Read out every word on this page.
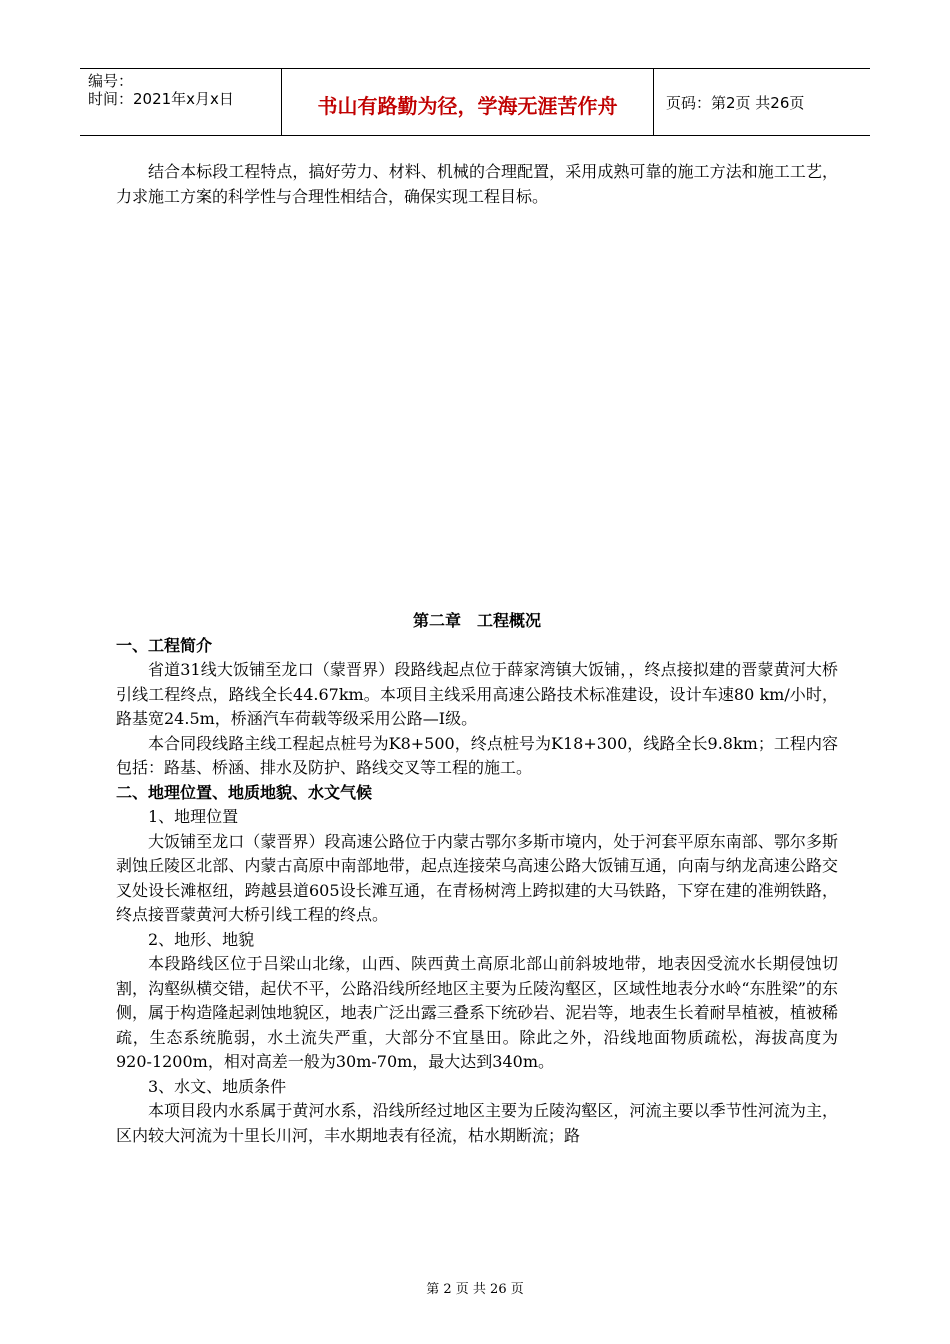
编号：
时间：2021年x月x日	书山有路勤为径，学海无涯苦作舟	页码：第2页 共26页

结合本标段工程特点，搞好劳力、材料、机械的合理配置，采用成熟可靠的施工方法和施工工艺，力求施工方案的科学性与合理性相结合，确保实现工程目标。

第二章　工程概况
一、工程简介

省道31线大饭铺至龙口（蒙晋界）段路线起点位于薛家湾镇大饭铺，，终点接拟建的晋蒙黄河大桥引线工程终点，路线全长44.67km。本项目主线采用高速公路技术标准建设，设计车速80 km/小时，路基宽24.5m，桥涵汽车荷载等级采用公路—Ⅰ级。

本合同段线路主线工程起点桩号为K8+500，终点桩号为K18+300，线路全长9.8km；工程内容包括：路基、桥涵、排水及防护、路线交叉等工程的施工。

二、地理位置、地质地貌、水文气候

1、地理位置

大饭铺至龙口（蒙晋界）段高速公路位于内蒙古鄂尔多斯市境内，处于河套平原东南部、鄂尔多斯剥蚀丘陵区北部、内蒙古高原中南部地带，起点连接荣乌高速公路大饭铺互通，向南与纳龙高速公路交叉处设长滩枢纽，跨越县道605设长滩互通，在青杨树湾上跨拟建的大马铁路，下穿在建的准朔铁路，终点接晋蒙黄河大桥引线工程的终点。

2、地形、地貌

本段路线区位于吕梁山北缘，山西、陕西黄土高原北部山前斜坡地带，地表因受流水长期侵蚀切割，沟壑纵横交错，起伏不平，公路沿线所经地区主要为丘陵沟壑区，区域性地表分水岭“东胜梁”的东侧，属于构造隆起剥蚀地貌区，地表广泛出露三叠系下统砂岩、泥岩等，地表生长着耐旱植被，植被稀疏，生态系统脆弱，水土流失严重，大部分不宜垦田。除此之外，沿线地面物质疏松，海拔高度为920-1200m，相对高差一般为30m-70m，最大达到340m。

3、水文、地质条件

本项目段内水系属于黄河水系，沿线所经过地区主要为丘陵沟壑区，河流主要以季节性河流为主，区内较大河流为十里长川河，丰水期地表有径流，枯水期断流；路

第 2 页 共 26 页
